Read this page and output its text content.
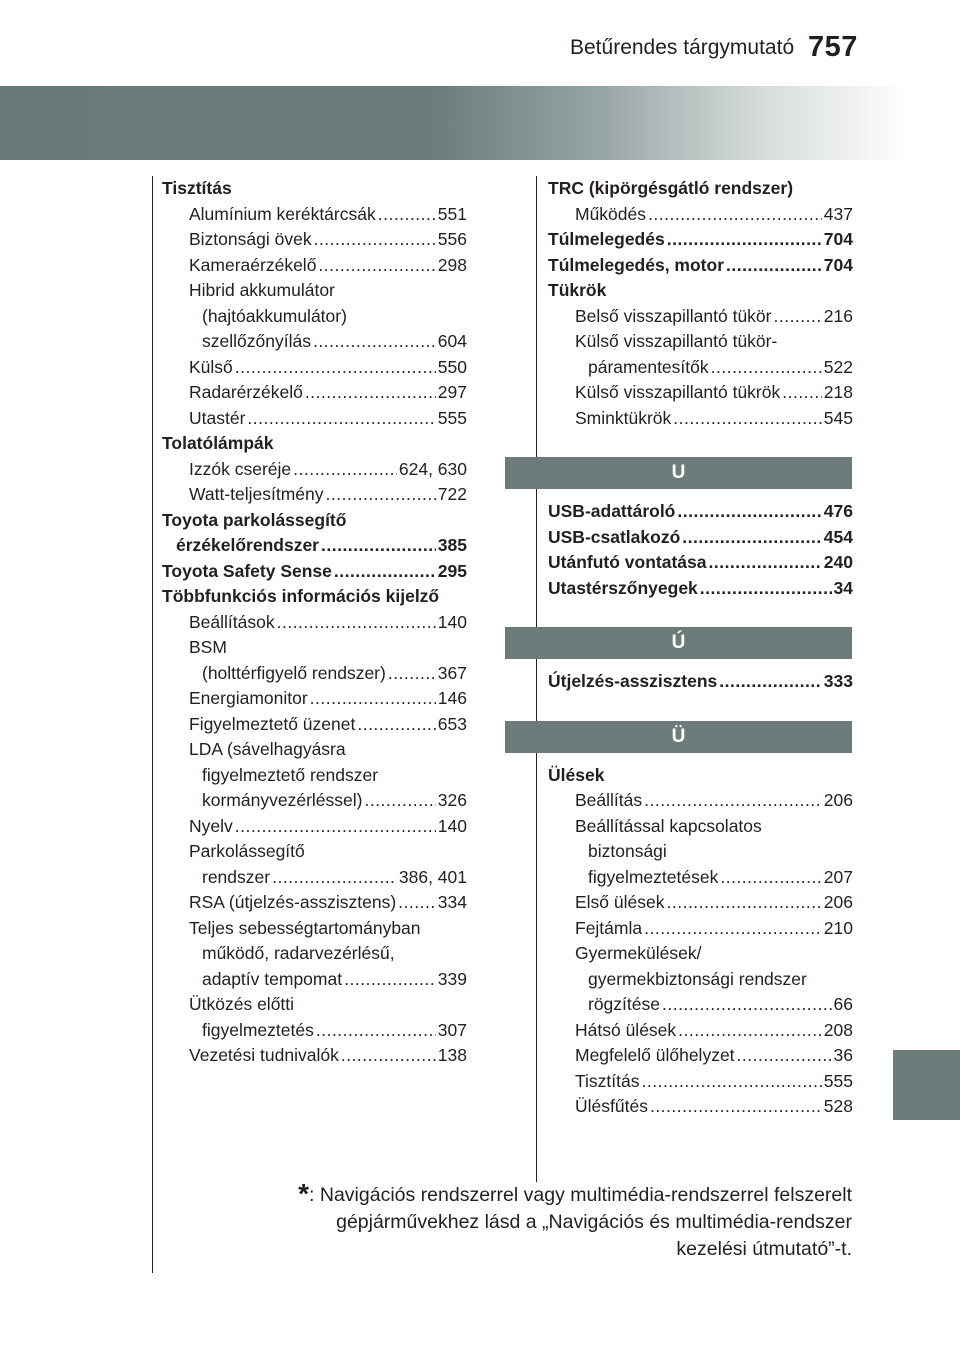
Betűrendes tárgymutató 757
Tisztítás
Alumínium keréktárcsák .....	551
Biztonsági övek .....	556
Kameraérzékelő .....	298
Hibrid akkumulátor
(hajtóakkumulátor)
szellőzőnyílás .....	604
Külső .....	550
Radarérzékelő .....	297
Utastér .....	555
Tolatólámpák
Izzók cseréje .....	624, 630
Watt-teljesítmény .....	722
Toyota parkolássegítő
érzékelőrendszer .....	385
Toyota Safety Sense .....	295
Többfunkciós információs kijelző
Beállítások .....	140
BSM
(holttérfigyelő rendszer) .....	367
Energiamonitor .....	146
Figyelmeztető üzenet .....	653
LDA (sávelhagyásra
figyelmeztető rendszer
kormányvezérléssel) .....	326
Nyelv .....	140
Parkolássegítő
rendszer .....	386, 401
RSA (útjelzés-asszisztens) ..... 334
Teljes sebességtartományban
működő, radarvezérlésű,
adaptív tempomat .....	339
Ütközés előtti
figyelmeztetés .....	307
Vezetési tudnivalók .....	138
TRC (kipörgésgátló rendszer)
Működés .....	437
Túlmelegedés .....	704
Túlmelegedés, motor .....	704
Tükrök
Belső visszapillantó tükör .....	216
Külső visszapillantó tükör-
páramentesítők .....	522
Külső visszapillantó tükrök ..... 218
Sminktükrök .....	545
U
USB-adattároló .....	476
USB-csatlakozó .....	454
Utánfutó vontatása .....	240
Utastérszőnyegek .....	34
Ú
Útjelzés-asszisztens .....	333
Ü
Ülések
Beállítás .....	206
Beállítással kapcsolatos
biztonsági
figyelmeztetések .....	207
Első ülések .....	206
Fejtámla .....	210
Gyermekülések/
gyermekbiztonsági rendszer
rögzítése .....	66
Hátsó ülések .....	208
Megfelelő ülőhelyzet .....	36
Tisztítás .....	555
Ülésfűtés .....	528
*: Navigációs rendszerrel vagy multimédia-rendszerrel felszerelt
gépjárművekhez lásd a „Navigációs és multimédia-rendszer
kezelési útmutató”-t.
